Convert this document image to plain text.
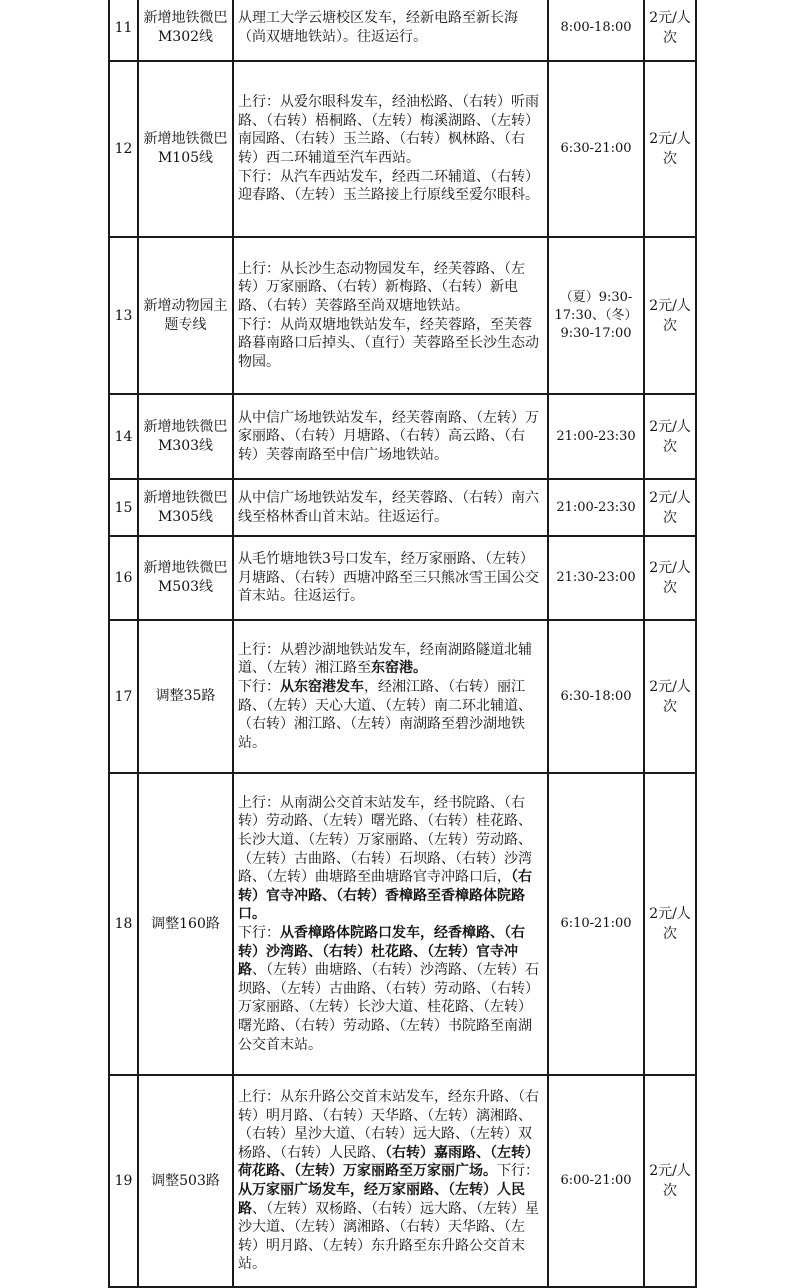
11	新增地铁微巴M302线	从理工大学云塘校区发车，经新电路至新长海（尚双塘地铁站）。往返运行。	8:00-18:00	2元/人次
12	新增地铁微巴M105线	上行：从爱尔眼科发车，经油松路、（右转）听雨路、（右转）梧桐路、（左转）梅溪湖路、（左转）南园路、（右转）玉兰路、（右转）枫林路、（右转）西二环辅道至汽车西站。
下行：从汽车西站发车，经西二环辅道、（右转）迎春路、（左转）玉兰路接上行原线至爱尔眼科。	6:30-21:00	2元/人次
13	新增动物园主题专线	上行：从长沙生态动物园发车，经芙蓉路、（左转）万家丽路、（右转）新梅路、（右转）新电路、（右转）芙蓉路至尚双塘地铁站。
下行：从尚双塘地铁站发车，经芙蓉路，至芙蓉路暮南路口后掉头、（直行）芙蓉路至长沙生态动物园。	（夏）9:30-17:30、（冬）9:30-17:00	2元/人次
14	新增地铁微巴M303线	从中信广场地铁站发车，经芙蓉南路、（左转）万家丽路、（右转）月塘路、（右转）高云路、（右转）芙蓉南路至中信广场地铁站。	21:00-23:30	2元/人次
15	新增地铁微巴M305线	从中信广场地铁站发车，经芙蓉路、（右转）南六线至格林香山首末站。往返运行。	21:00-23:30	2元/人次
16	新增地铁微巴M503线	从毛竹塘地铁3号口发车，经万家丽路、（左转）月塘路、（右转）西塘冲路至三只熊冰雪王国公交首末站。往返运行。	21:30-23:00	2元/人次
17	调整35路	上行：从碧沙湖地铁站发车，经南湖路隧道北辅道、（左转）湘江路至东窑港。
下行：从东窑港发车，经湘江路、（右转）丽江路、（左转）天心大道、（左转）南二环北辅道、（右转）湘江路、（左转）南湖路至碧沙湖地铁站。	6:30-18:00	2元/人次
18	调整160路	上行：从南湖公交首末站发车，经书院路、（右转）劳动路、（左转）曙光路、（右转）桂花路、长沙大道、（左转）万家丽路、（左转）劳动路、（左转）古曲路、（右转）石坝路、（右转）沙湾路、（左转）曲塘路至曲塘路官寺冲路口后，（右转）官寺冲路、（右转）香樟路至香樟路体院路口。
下行：从香樟路体院路口发车，经香樟路、（右转）沙湾路、（右转）杜花路、（左转）官寺冲路、（左转）曲塘路、（右转）沙湾路、（左转）石坝路、（左转）古曲路、（右转）劳动路、（右转）万家丽路、（左转）长沙大道、桂花路、（左转）曙光路、（右转）劳动路、（左转）书院路至南湖公交首末站。	6:10-21:00	2元/人次
19	调整503路	上行：从东升路公交首末站发车，经东升路、（右转）明月路、（右转）天华路、（左转）漓湘路、（右转）星沙大道、（右转）远大路、（左转）双杨路、（右转）人民路、（右转）嘉雨路、（左转）荷花路、（左转）万家丽路至万家丽广场。下行：从万家丽广场发车，经万家丽路、（左转）人民路、（左转）双杨路、（右转）远大路、（左转）星沙大道、（左转）漓湘路、（右转）天华路、（左转）明月路、（左转）东升路至东升路公交首末站。	6:00-21:00	2元/人次
